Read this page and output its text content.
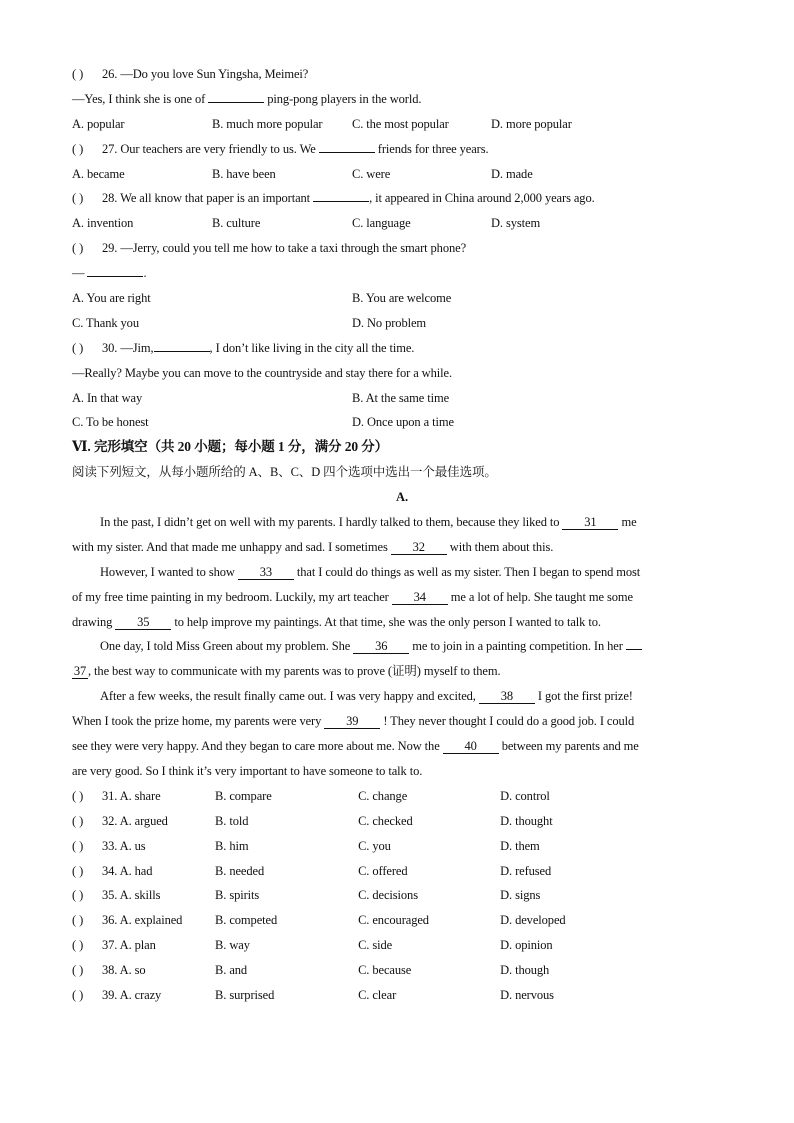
( ) 26. —Do you love Sun Yingsha, Meimei?
—Yes, I think she is one of	ping-pong players in the world.
A. popular	B. much more popular	C. the most popular	D. more popular
( ) 27. Our teachers are very friendly to us. We	friends for three years.
A. became	B. have been	C. were	D. made
( ) 28. We all know that paper is an important	, it appeared in China around 2,000 years ago.
A. invention	B. culture	C. language	D. system
( ) 29. —Jerry, could you tell me how to take a taxi through the smart phone?
—	.
A. You are right	B. You are welcome
C. Thank you	D. No problem
( ) 30. —Jim,	, I don’t like living in the city all the time.
—Really? Maybe you can move to the countryside and stay there for a while.
A. In that way	B. At the same time
C. To be honest	D. Once upon a time
Ⅵ. 完形填空（共 20 小题；每小题 1 分，满分 20 分）
阅读下列短文，从每小题所给的 A、B、C、D 四个选项中选出一个最佳选项。
A.
In the past, I didn’t get on well with my parents. I hardly talked to them, because they liked to 31 me
with my sister. And that made me unhappy and sad. I sometimes 32 with them about this.
However, I wanted to show 33 that I could do things as well as my sister. Then I began to spend most
of my free time painting in my bedroom. Luckily, my art teacher 34 me a lot of help. She taught me some
drawing 35 to help improve my paintings. At that time, she was the only person I wanted to talk to.
One day, I told Miss Green about my problem. She 36 me to join in a painting competition. In her
37 , the best way to communicate with my parents was to prove (证明) myself to them.
After a few weeks, the result finally came out. I was very happy and excited, 38 I got the first prize!
When I took the prize home, my parents were very 39 ! They never thought I could do a good job. I could
see they were very happy. And they began to care more about me. Now the 40 between my parents and me
are very good. So I think it’s very important to have someone to talk to.
( ) 31. A. share	B. compare	C. change	D. control
( ) 32. A. argued	B. told	C. checked	D. thought
( ) 33. A. us	B. him	C. you	D. them
( ) 34. A. had	B. needed	C. offered	D. refused
( ) 35. A. skills	B. spirits	C. decisions	D. signs
( ) 36. A. explained	B. competed	C. encouraged	D. developed
( ) 37. A. plan	B. way	C. side	D. opinion
( ) 38. A. so	B. and	C. because	D. though
( ) 39. A. crazy	B. surprised	C. clear	D. nervous
